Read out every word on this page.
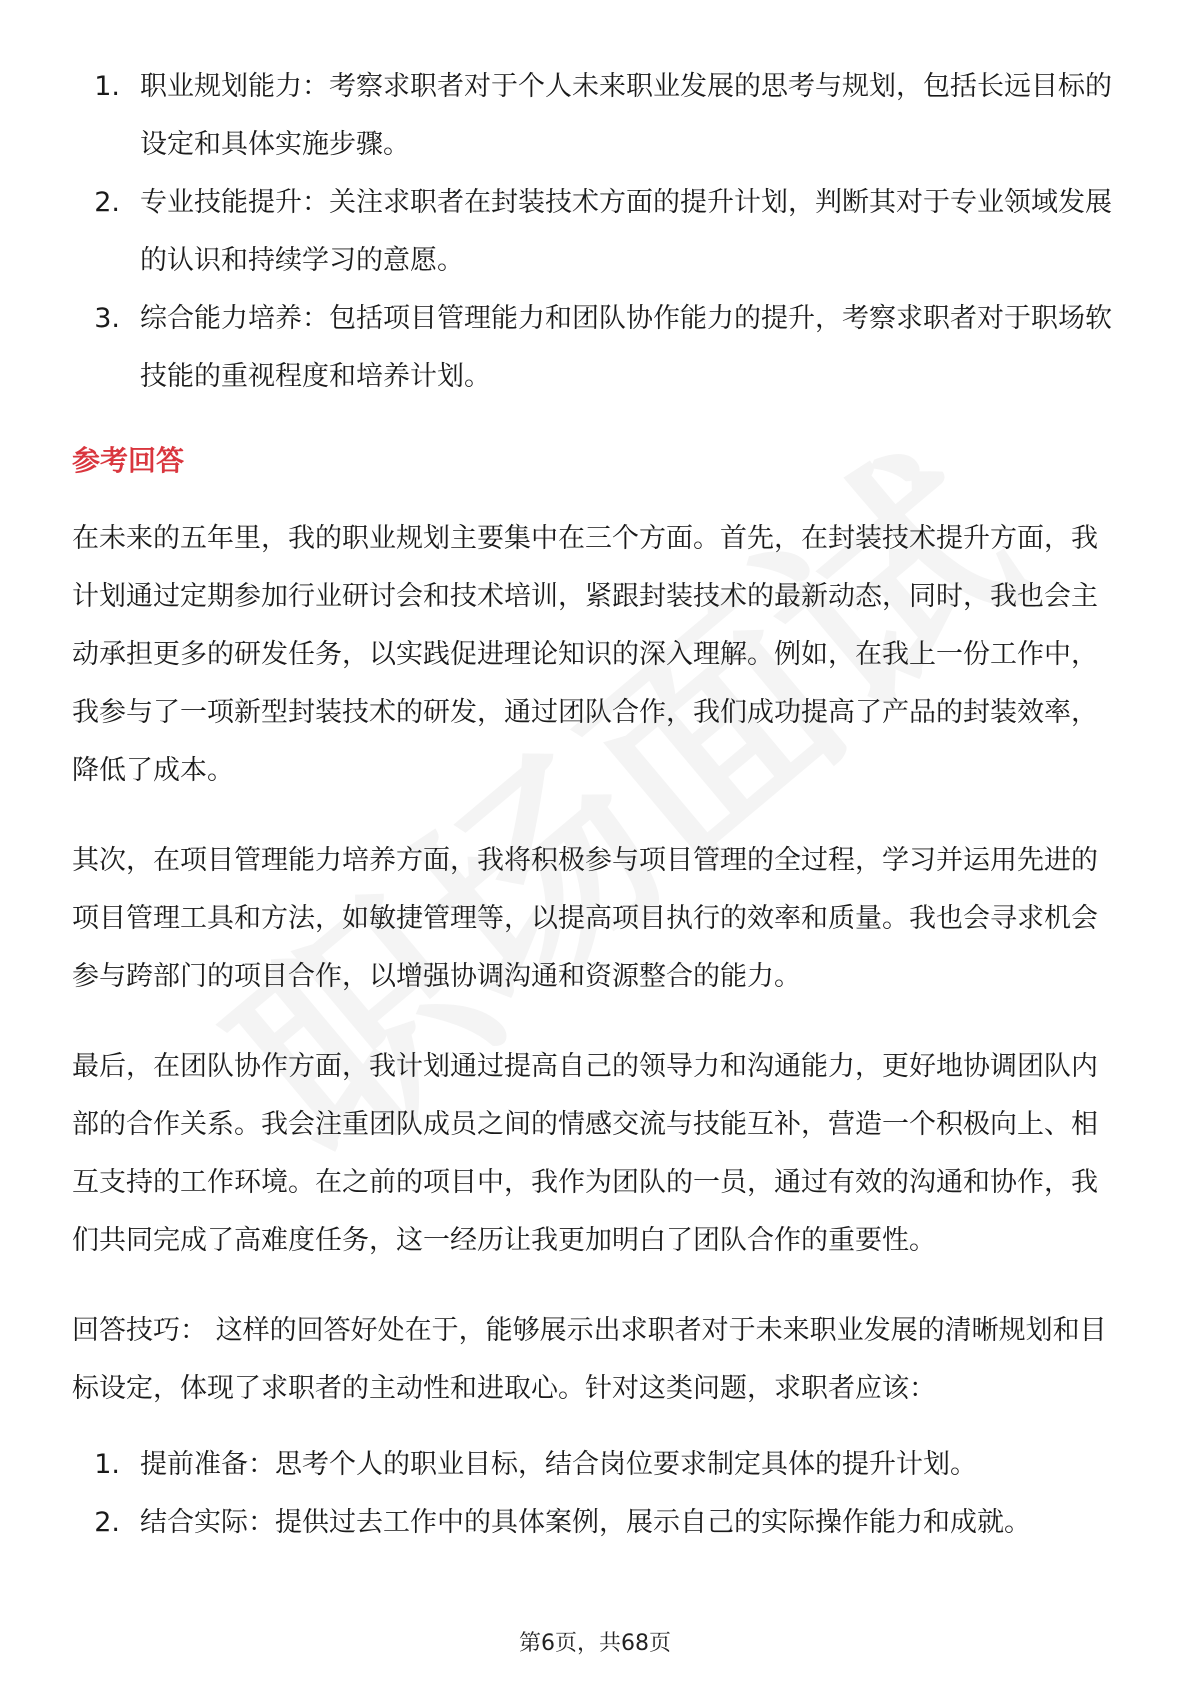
1. 职业规划能力：考察求职者对于个人未来职业发展的思考与规划，包括长远目标的设定和具体实施步骤。
2. 专业技能提升：关注求职者在封装技术方面的提升计划，判断其对于专业领域发展的认识和持续学习的意愿。
3. 综合能力培养：包括项目管理能力和团队协作能力的提升，考察求职者对于职场软技能的重视程度和培养计划。
参考回答

在未来的五年里，我的职业规划主要集中在三个方面。首先，在封装技术提升方面，我计划通过定期参加行业研讨会和技术培训，紧跟封装技术的最新动态，同时，我也会主动承担更多的研发任务，以实践促进理论知识的深入理解。例如，在我上一份工作中，我参与了一项新型封装技术的研发，通过团队合作，我们成功提高了产品的封装效率，降低了成本。

其次，在项目管理能力培养方面，我将积极参与项目管理的全过程，学习并运用先进的项目管理工具和方法，如敏捷管理等，以提高项目执行的效率和质量。我也会寻求机会参与跨部门的项目合作，以增强协调沟通和资源整合的能力。

最后，在团队协作方面，我计划通过提高自己的领导力和沟通能力，更好地协调团队内部的合作关系。我会注重团队成员之间的情感交流与技能互补，营造一个积极向上、相互支持的工作环境。在之前的项目中，我作为团队的一员，通过有效的沟通和协作，我们共同完成了高难度任务，这一经历让我更加明白了团队合作的重要性。

回答技巧： 这样的回答好处在于，能够展示出求职者对于未来职业发展的清晰规划和目标设定，体现了求职者的主动性和进取心。针对这类问题，求职者应该：

1. 提前准备：思考个人的职业目标，结合岗位要求制定具体的提升计划。
2. 结合实际：提供过去工作中的具体案例，展示自己的实际操作能力和成就。
第6页，共68页
